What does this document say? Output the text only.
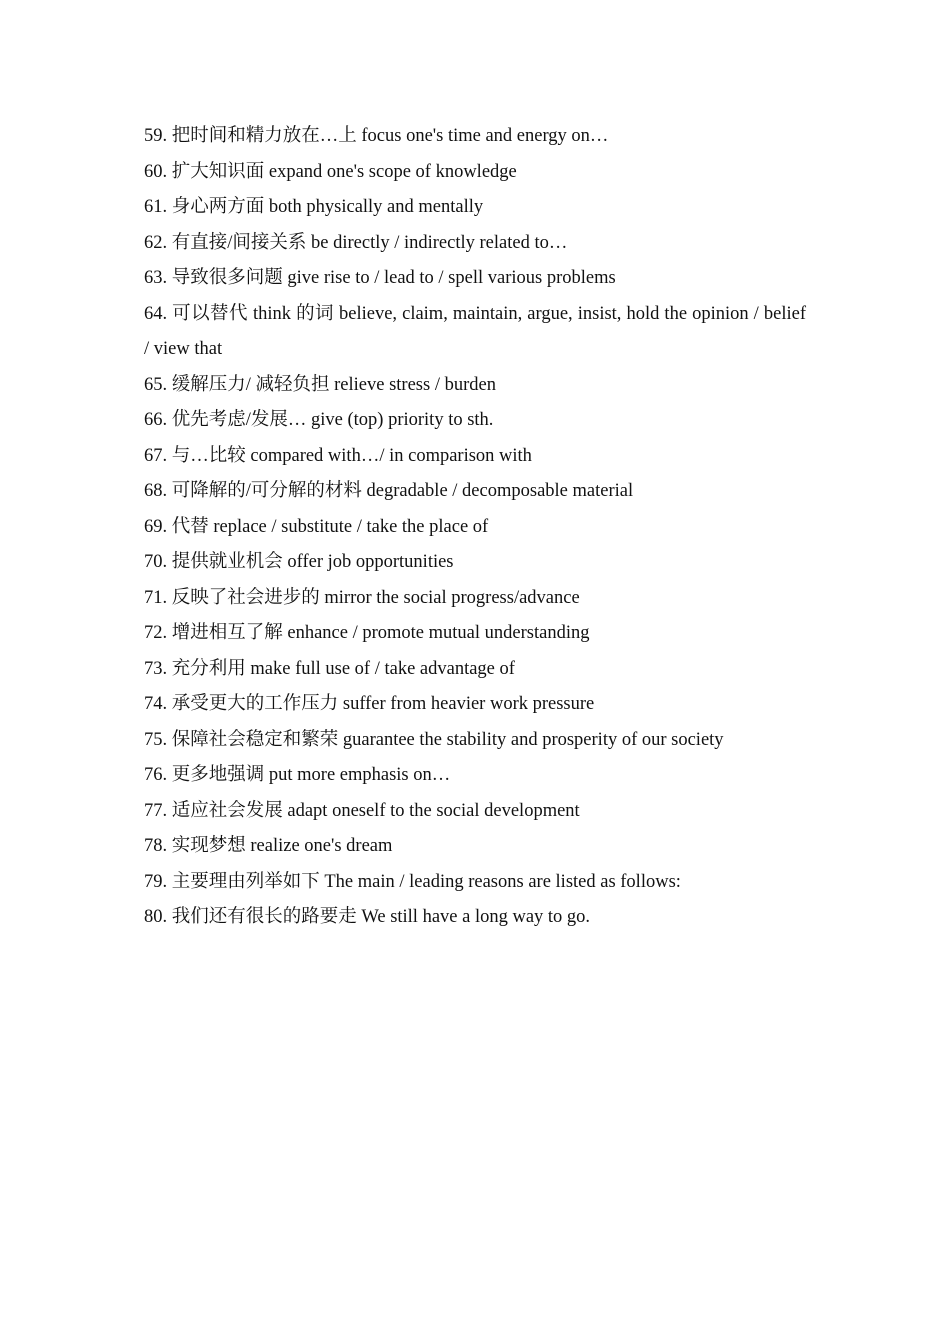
59. 把时间和精力放在…上 focus one's time and energy on…
60. 扩大知识面 expand one's scope of knowledge
61. 身心两方面 both physically and mentally
62. 有直接/间接关系 be directly / indirectly related to…
63. 导致很多问题 give rise to / lead to / spell various problems
64. 可以替代 think 的词 believe, claim, maintain, argue, insist, hold the opinion / belief / view that
65. 缓解压力/ 减轻负担 relieve stress / burden
66. 优先考虑/发展… give (top) priority to sth.
67. 与…比较 compared with…/ in comparison with
68. 可降解的/可分解的材料 degradable / decomposable material
69. 代替 replace / substitute / take the place of
70. 提供就业机会 offer job opportunities
71. 反映了社会进步的 mirror the social progress/advance
72. 增进相互了解 enhance / promote mutual understanding
73. 充分利用 make full use of / take advantage of
74. 承受更大的工作压力 suffer from heavier work pressure
75. 保障社会稳定和繁荣 guarantee the stability and prosperity of our society
76. 更多地强调 put more emphasis on…
77. 适应社会发展 adapt oneself to the social development
78. 实现梦想 realize one's dream
79. 主要理由列举如下 The main / leading reasons are listed as follows:
80. 我们还有很长的路要走 We still have a long way to go.
